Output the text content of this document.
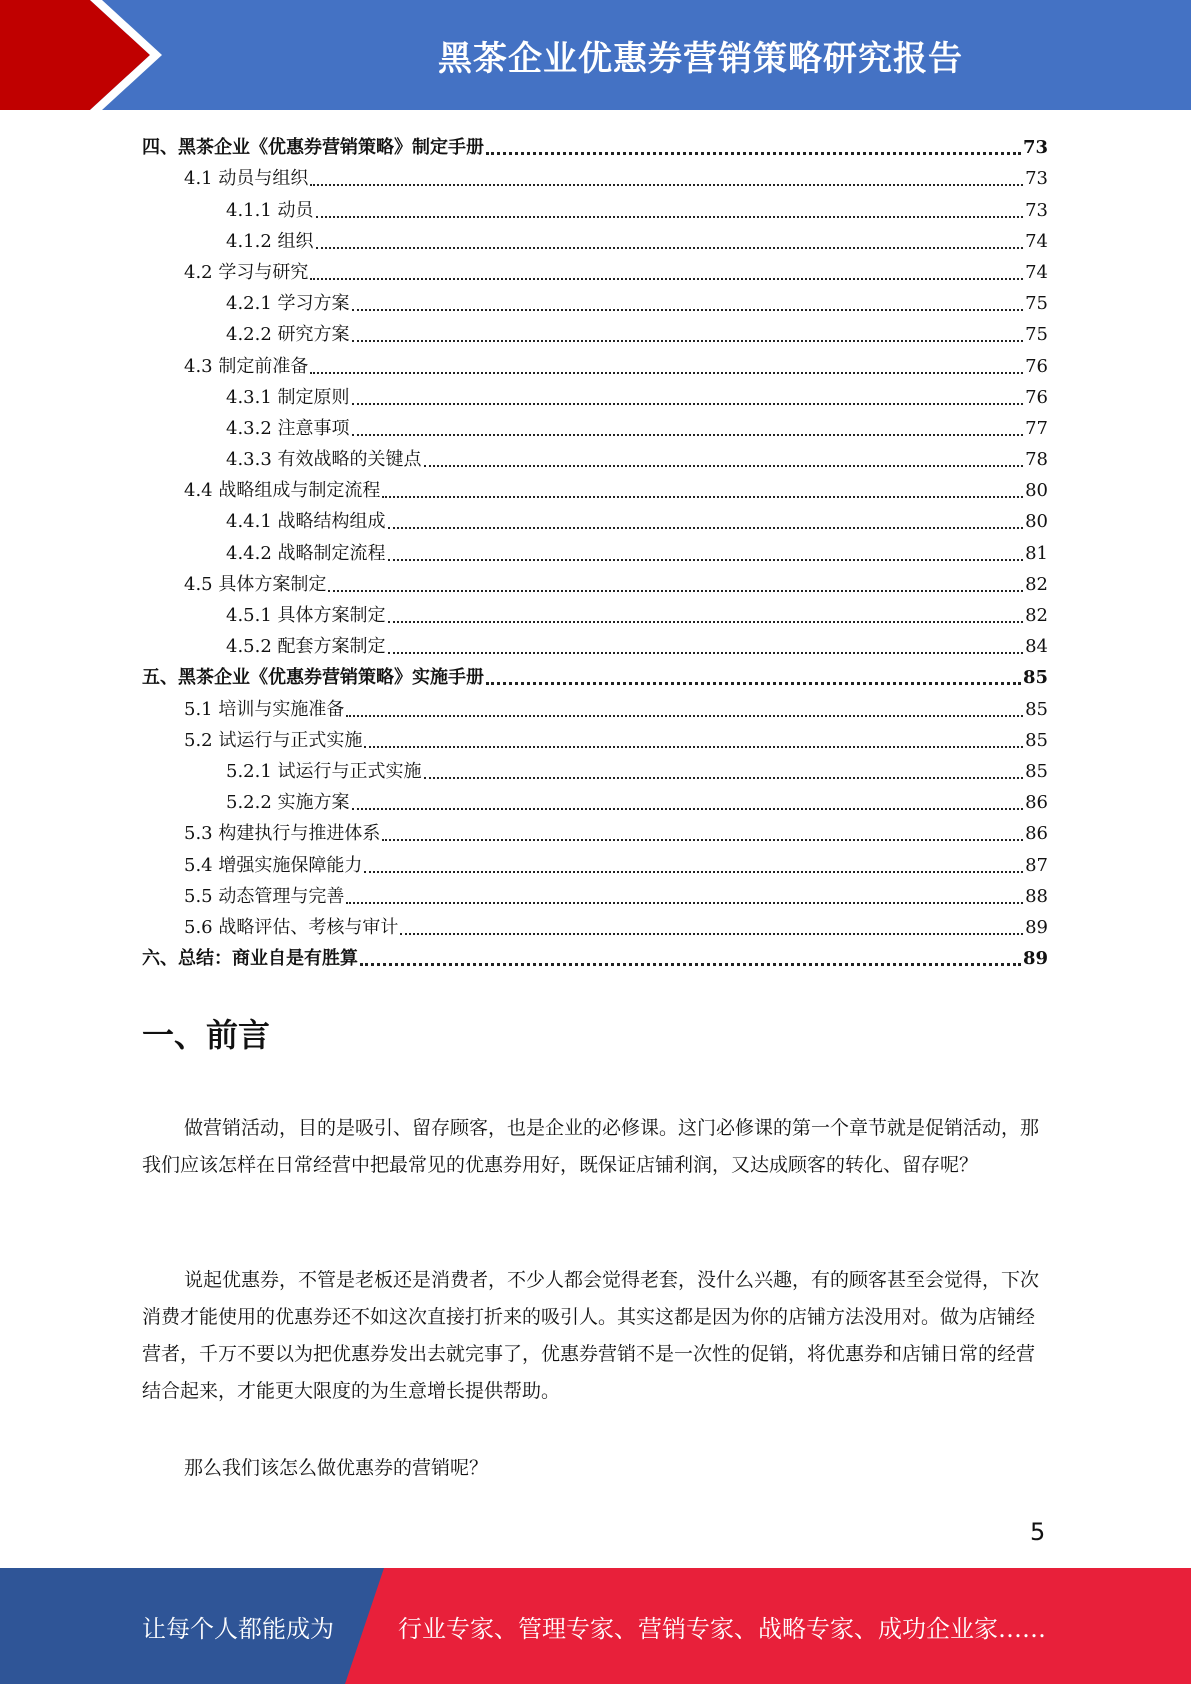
黑茶企业优惠券营销策略研究报告
四、黑茶企业《优惠券营销策略》制定手册	73
4.1 动员与组织	73
4.1.1 动员	73
4.1.2 组织	74
4.2 学习与研究	74
4.2.1 学习方案	75
4.2.2 研究方案	75
4.3 制定前准备	76
4.3.1 制定原则	76
4.3.2 注意事项	77
4.3.3 有效战略的关键点	78
4.4 战略组成与制定流程	80
4.4.1 战略结构组成	80
4.4.2 战略制定流程	81
4.5 具体方案制定	82
4.5.1 具体方案制定	82
4.5.2 配套方案制定	84
五、黑茶企业《优惠券营销策略》实施手册	85
5.1 培训与实施准备	85
5.2 试运行与正式实施	85
5.2.1 试运行与正式实施	85
5.2.2 实施方案	86
5.3 构建执行与推进体系	86
5.4 增强实施保障能力	87
5.5 动态管理与完善	88
5.6 战略评估、考核与审计	89
六、总结：商业自是有胜算	89
一、前言

做营销活动，目的是吸引、留存顾客，也是企业的必修课。这门必修课的第一个章节就是促销活动，那我们应该怎样在日常经营中把最常见的优惠券用好，既保证店铺利润，又达成顾客的转化、留存呢？

说起优惠券，不管是老板还是消费者，不少人都会觉得老套，没什么兴趣，有的顾客甚至会觉得，下次消费才能使用的优惠券还不如这次直接打折来的吸引人。其实这都是因为你的店铺方法没用对。做为店铺经营者，千万不要以为把优惠券发出去就完事了，优惠券营销不是一次性的促销，将优惠券和店铺日常的经营结合起来，才能更大限度的为生意增长提供帮助。

那么我们该怎么做优惠券的营销呢？

5
让每个人都能成为	行业专家、管理专家、营销专家、战略专家、成功企业家……
